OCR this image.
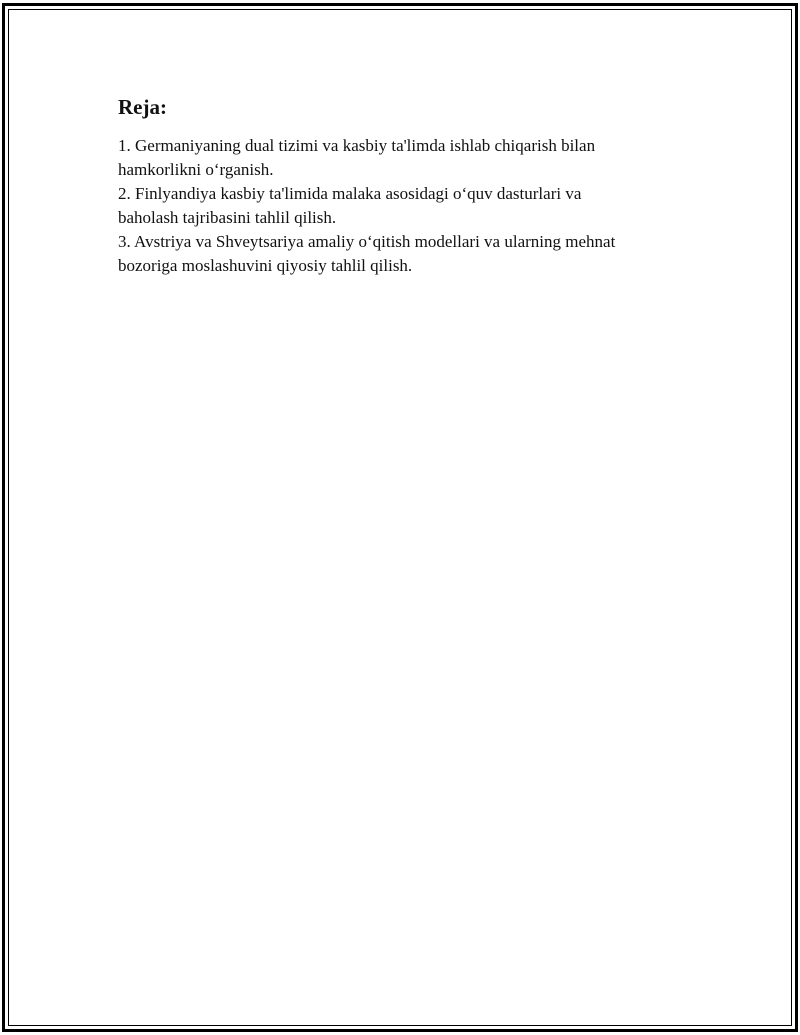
Reja:
1. Germaniyaning dual tizimi va kasbiy ta'limda ishlab chiqarish bilan
hamkorlikni o‘rganish.
2. Finlyandiya kasbiy ta'limida malaka asosidagi o‘quv dasturlari va
baholash tajribasini tahlil qilish.
3. Avstriya va Shveytsariya amaliy o‘qitish modellari va ularning mehnat
bozoriga moslashuvini qiyosiy tahlil qilish.
